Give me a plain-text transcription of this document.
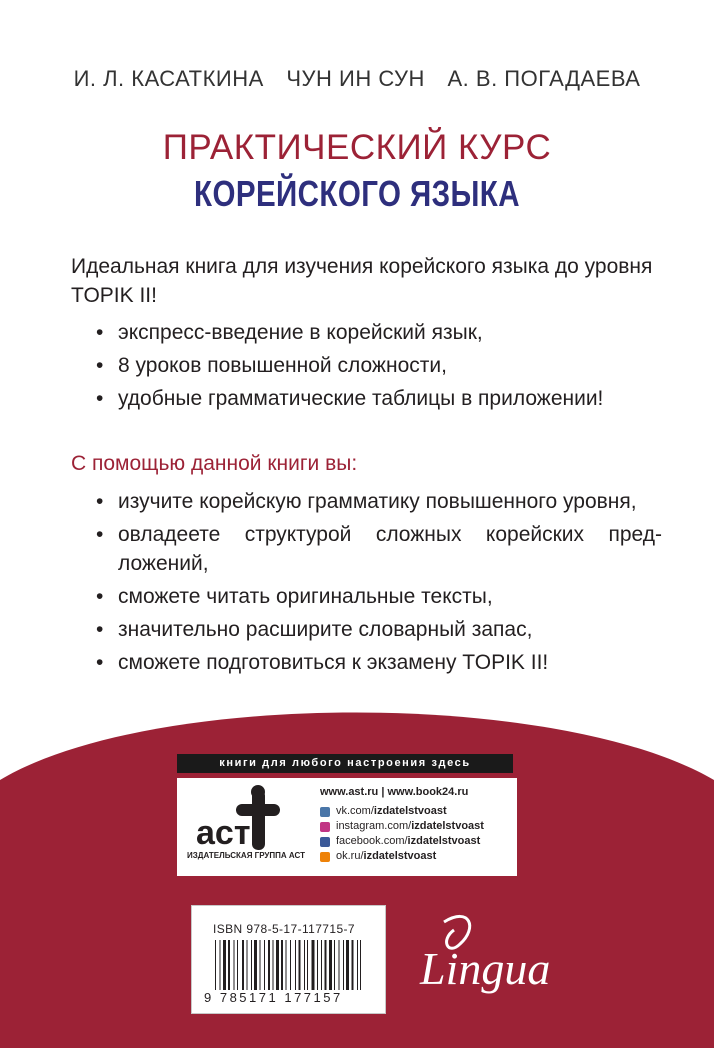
И. Л. КАСАТКИНА ЧУН ИН СУН А. В. ПОГАДАЕВА
ПРАКТИЧЕСКИЙ КУРС
КОРЕЙСКОГО ЯЗЫКА
Идеальная книга для изучения корейского языка до уровня TOPIK II!
• экспресс-введение в корейский язык,
• 8 уроков повышенной сложности,
• удобные грамматические таблицы в приложении!
С помощью данной книги вы:
• изучите корейскую грамматику повышенного уровня,
• овладеете структурой сложных корейских предложений,
• сможете читать оригинальные тексты,
• значительно расширите словарный запас,
• сможете подготовиться к экзамену TOPIK II!
книги для любого настроения здесь
аст
ИЗДАТЕЛЬСКАЯ ГРУППА АСТ
www.ast.ru | www.book24.ru
vk.com/ izdatelstvoast
instagram.com/ izdatelstvoast
facebook.com/ izdatelstvoast
ok.ru/ izdatelstvoast
ISBN 978-5-17-117715-7
9 785171 177157
Lingua
